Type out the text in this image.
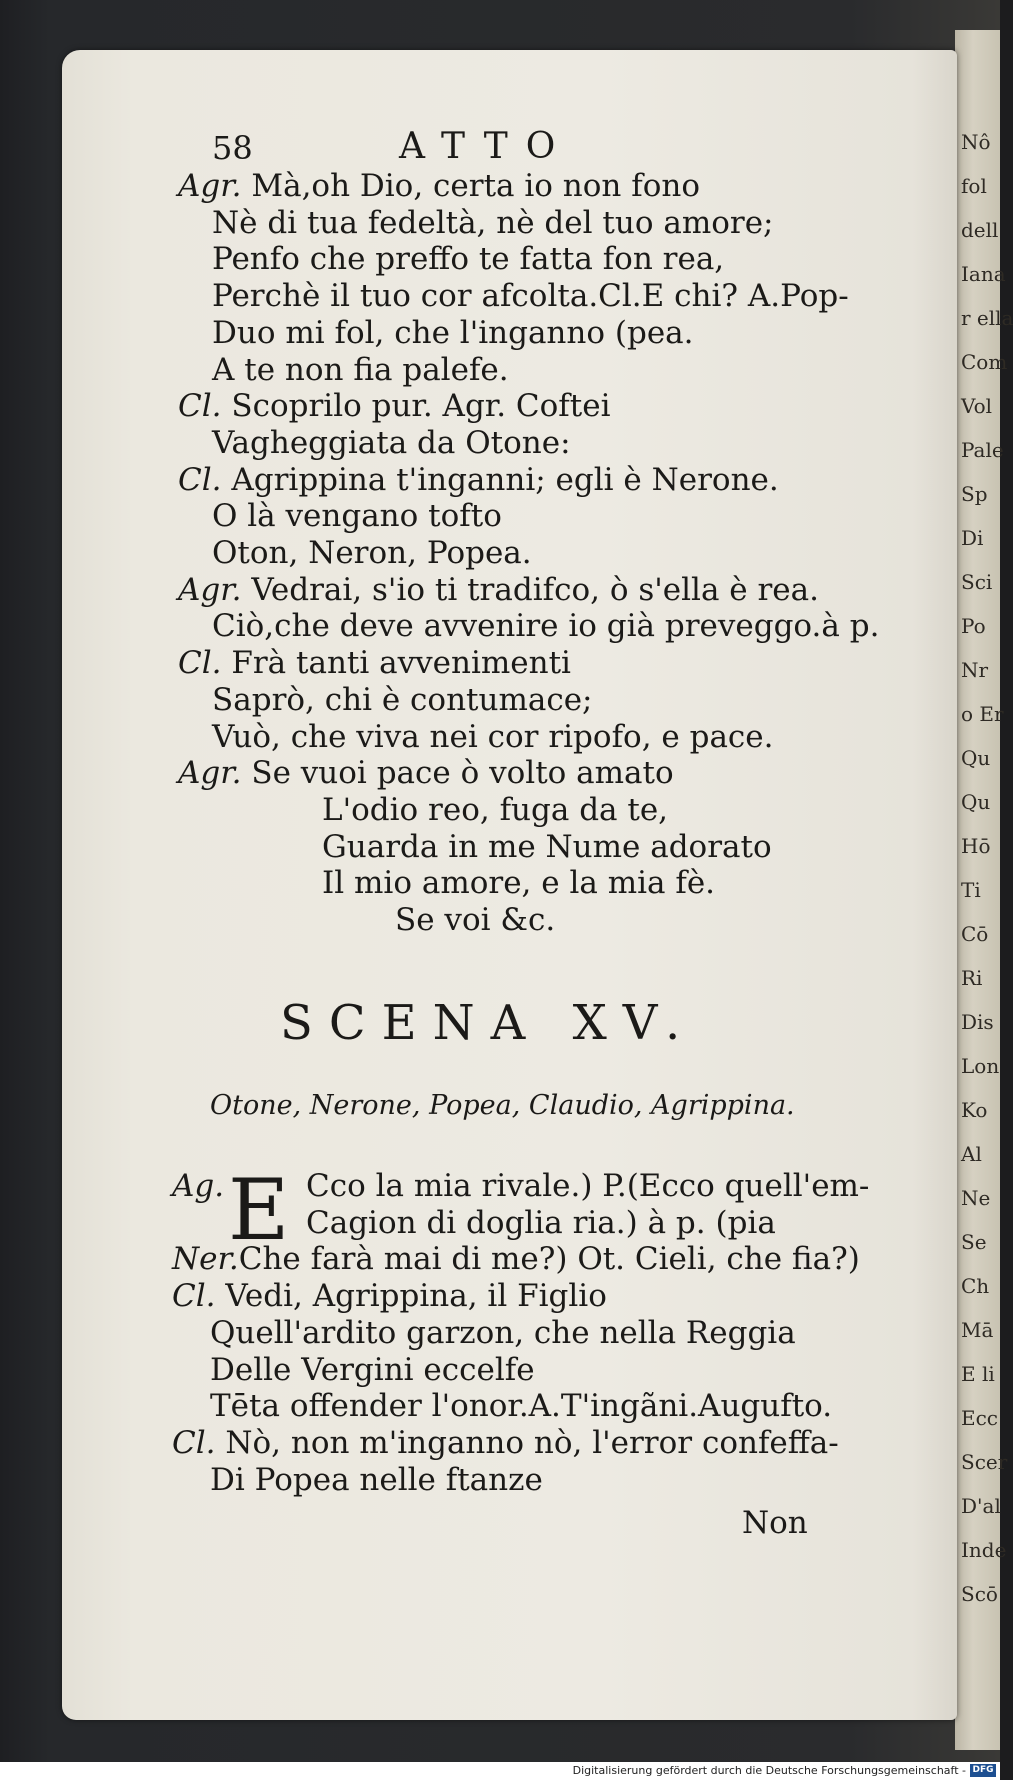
Nô
fol
dell
Iana
r ella
Com
Vol
Pale
Sp
Di
Sci
Po
Nr
o Er
Qu
Qu
Hō
Ti
Cō
Ri
Dis
Lon
Ko
Al
Ne
Se
Ch
Mā
E li
Ecc
Scer
D'al
Inde
Scō
58	ATTO
Agr. Mà,oh Dio, certa io non fono
Nè di tua fedeltà, nè del tuo amore;
Penfo che preffo te fatta fon rea,
Perchè il tuo cor afcolta.Cl.E chi? A.Pop-
Duo mi fol, che l'inganno (pea.
A te non fia palefe.
Cl. Scoprilo pur. Agr. Coftei
Vagheggiata da Otone:
Cl. Agrippina t'inganni; egli è Nerone.
O là vengano tofto
Oton, Neron, Popea.
Agr. Vedrai, s'io ti tradifco, ò s'ella è rea.
Ciò,che deve avvenire io già preveggo.à p.
Cl. Frà tanti avvenimenti
Saprò, chi è contumace;
Vuò, che viva nei cor ripofo, e pace.
Agr. Se vuoi pace ò volto amato
L'odio reo, fuga da te,
Guarda in me Nume adorato
Il mio amore, e la mia fè.
Se voi &c.
SCENA XV.
Otone, Nerone, Popea, Claudio, Agrippina.
E
Ag.	Cco la mia rivale.) P.(Ecco quell'em-
Cagion di doglia ria.) à p. (pia
Ner.Che farà mai di me?) Ot. Cieli, che fia?)
Cl. Vedi, Agrippina, il Figlio
Quell'ardito garzon, che nella Reggia
Delle Vergini eccelfe
Tēta offender l'onor.A.T'ingãni.Augufto.
Cl. Nò, non m'inganno nò, l'error confeffa-
Di Popea nelle ftanze
Non
Digitalisierung gefördert durch die Deutsche Forschungsgemeinschaft - DFG
